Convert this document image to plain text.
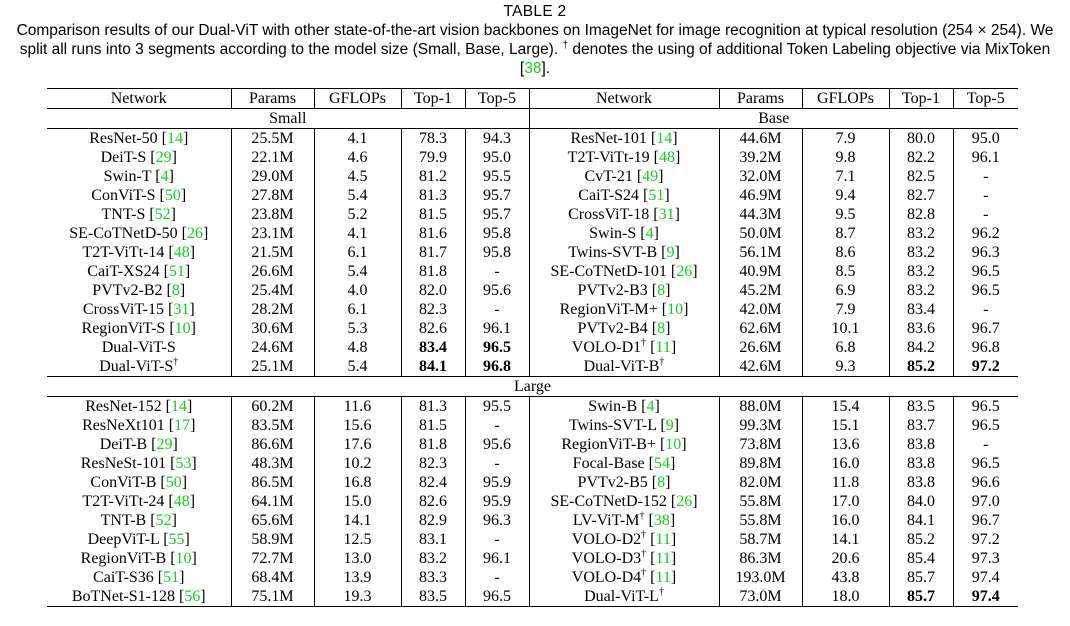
TABLE 2
Comparison results of our Dual-ViT with other state-of-the-art vision backbones on ImageNet for image recognition at typical resolution (254 × 254). We split all runs into 3 segments according to the model size (Small, Base, Large). † denotes the using of additional Token Labeling objective via MixToken [38].
Network	Params	GFLOPs	Top-1	Top-5	Network	Params	GFLOPs	Top-1	Top-5
Small					Base				
ResNet-50 [14]	25.5M	4.1	78.3	94.3	ResNet-101 [14]	44.6M	7.9	80.0	95.0
DeiT-S [29]	22.1M	4.6	79.9	95.0	T2T-ViTt-19 [48]	39.2M	9.8	82.2	96.1
Swin-T [4]	29.0M	4.5	81.2	95.5	CvT-21 [49]	32.0M	7.1	82.5	-
ConViT-S [50]	27.8M	5.4	81.3	95.7	CaiT-S24 [51]	46.9M	9.4	82.7	-
TNT-S [52]	23.8M	5.2	81.5	95.7	CrossViT-18 [31]	44.3M	9.5	82.8	-
SE-CoTNetD-50 [26]	23.1M	4.1	81.6	95.8	Swin-S [4]	50.0M	8.7	83.2	96.2
T2T-ViTt-14 [48]	21.5M	6.1	81.7	95.8	Twins-SVT-B [9]	56.1M	8.6	83.2	96.3
CaiT-XS24 [51]	26.6M	5.4	81.8	-	SE-CoTNetD-101 [26]	40.9M	8.5	83.2	96.5
PVTv2-B2 [8]	25.4M	4.0	82.0	95.6	PVTv2-B3 [8]	45.2M	6.9	83.2	96.5
CrossViT-15 [31]	28.2M	6.1	82.3	-	RegionViT-M+ [10]	42.0M	7.9	83.4	-
RegionViT-S [10]	30.6M	5.3	82.6	96.1	PVTv2-B4 [8]	62.6M	10.1	83.6	96.7
Dual-ViT-S	24.6M	4.8	83.4	96.5	VOLO-D1† [11]	26.6M	6.8	84.2	96.8
Dual-ViT-S†	25.1M	5.4	84.1	96.8	Dual-ViT-B†	42.6M	9.3	85.2	97.2
Large									
ResNet-152 [14]	60.2M	11.6	81.3	95.5	Swin-B [4]	88.0M	15.4	83.5	96.5
ResNeXt101 [17]	83.5M	15.6	81.5	-	Twins-SVT-L [9]	99.3M	15.1	83.7	96.5
DeiT-B [29]	86.6M	17.6	81.8	95.6	RegionViT-B+ [10]	73.8M	13.6	83.8	-
ResNeSt-101 [53]	48.3M	10.2	82.3	-	Focal-Base [54]	89.8M	16.0	83.8	96.5
ConViT-B [50]	86.5M	16.8	82.4	95.9	PVTv2-B5 [8]	82.0M	11.8	83.8	96.6
T2T-ViTt-24 [48]	64.1M	15.0	82.6	95.9	SE-CoTNetD-152 [26]	55.8M	17.0	84.0	97.0
TNT-B [52]	65.6M	14.1	82.9	96.3	LV-ViT-M† [38]	55.8M	16.0	84.1	96.7
DeepViT-L [55]	58.9M	12.5	83.1	-	VOLO-D2† [11]	58.7M	14.1	85.2	97.2
RegionViT-B [10]	72.7M	13.0	83.2	96.1	VOLO-D3† [11]	86.3M	20.6	85.4	97.3
CaiT-S36 [51]	68.4M	13.9	83.3	-	VOLO-D4† [11]	193.0M	43.8	85.7	97.4
BoTNet-S1-128 [56]	75.1M	19.3	83.5	96.5	Dual-ViT-L†	73.0M	18.0	85.7	97.4
